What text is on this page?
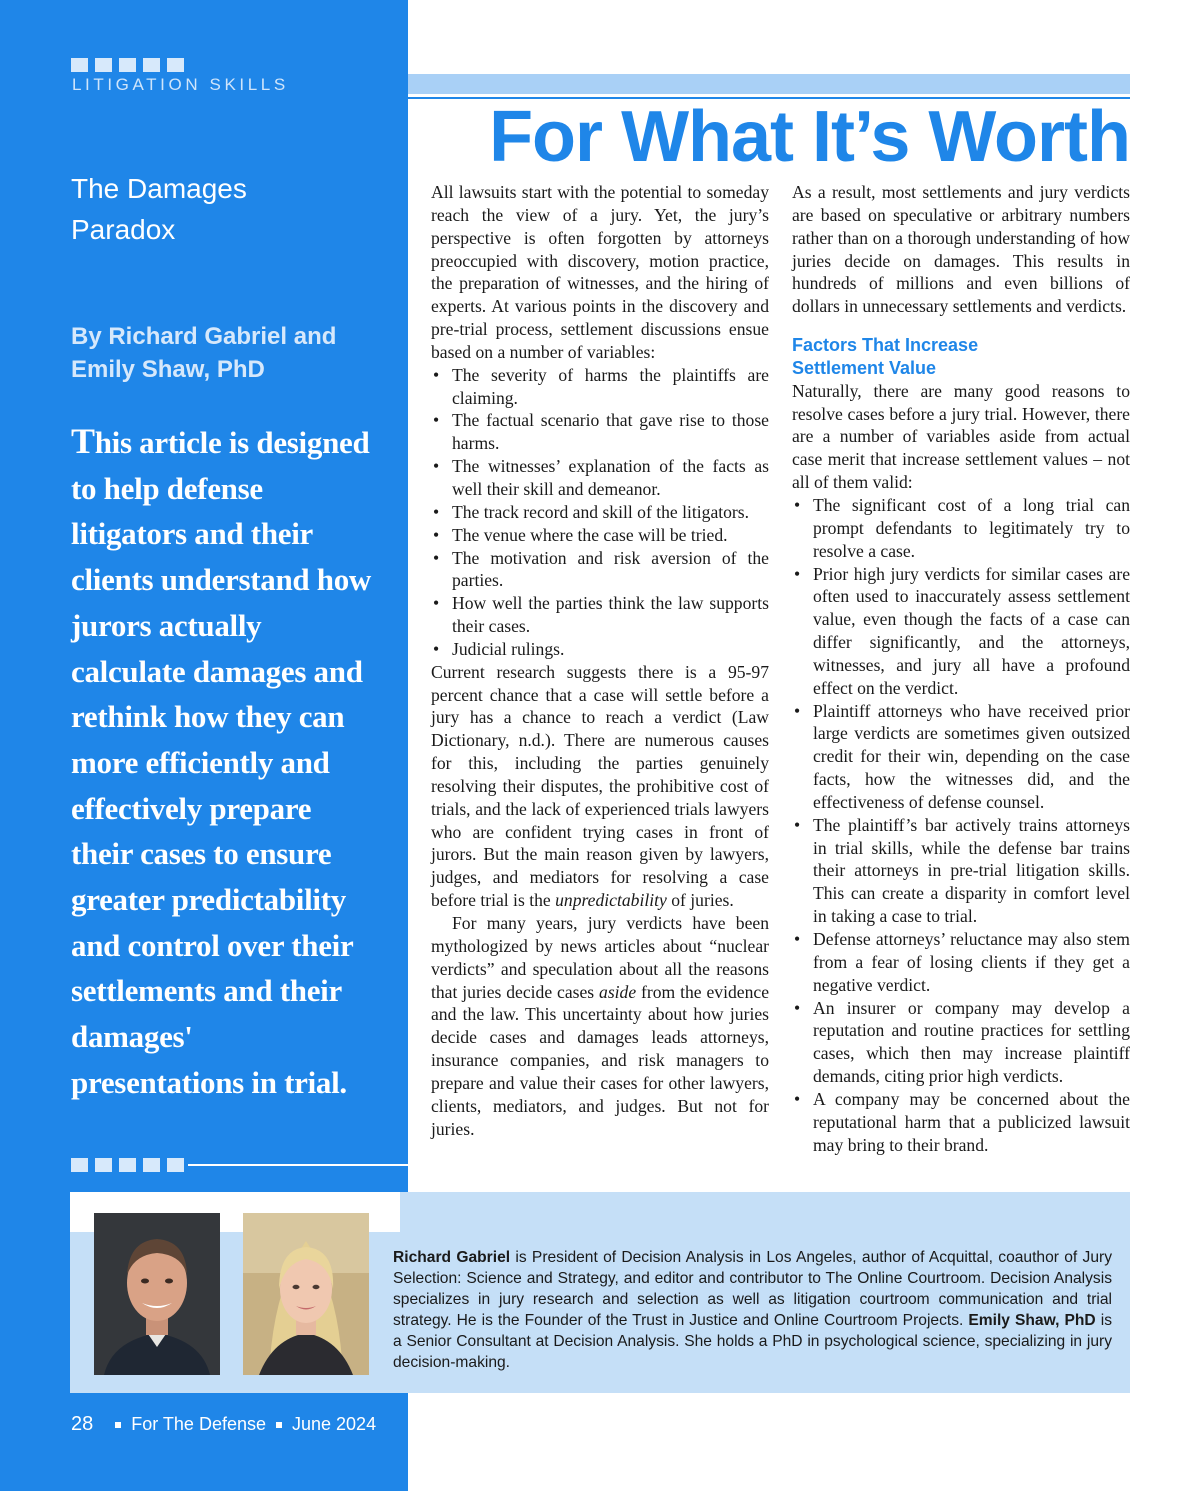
LITIGATION SKILLS
For What It’s Worth
The Damages
Paradox
By Richard Gabriel and
Emily Shaw, PhD
This article is designed to help defense litigators and their clients understand how jurors actually calculate damages and rethink how they can more efficiently and effectively prepare their cases to ensure greater predictability and control over their settlements and their damages' presentations in trial.

All lawsuits start with the potential to someday reach the view of a jury. Yet, the jury’s perspective is often forgotten by attorneys preoccupied with discovery, motion practice, the preparation of witnesses, and the hiring of experts. At various points in the discovery and pre-trial process, settlement discussions ensue based on a number of variables:

• The severity of harms the plaintiffs are claiming.
• The factual scenario that gave rise to those harms.
• The witnesses’ explanation of the facts as well their skill and demeanor.
• The track record and skill of the litigators.
• The venue where the case will be tried.
• The motivation and risk aversion of the parties.
• How well the parties think the law supports their cases.
• Judicial rulings.

Current research suggests there is a 95-97 percent chance that a case will settle before a jury has a chance to reach a verdict (Law Dictionary, n.d.). There are numerous causes for this, including the parties genuinely resolving their disputes, the prohibitive cost of trials, and the lack of experienced trials lawyers who are confident trying cases in front of jurors. But the main reason given by lawyers, judges, and mediators for resolving a case before trial is the unpredictability of juries.

For many years, jury verdicts have been mythologized by news articles about “nuclear verdicts” and speculation about all the reasons that juries decide cases aside from the evidence and the law. This uncertainty about how juries decide cases and damages leads attorneys, insurance companies, and risk managers to prepare and value their cases for other lawyers, clients, mediators, and judges. But not for juries.

As a result, most settlements and jury verdicts are based on speculative or arbitrary numbers rather than on a thorough understanding of how juries decide on damages. This results in hundreds of millions and even billions of dollars in unnecessary settlements and verdicts.

Factors That Increase
Settlement Value

Naturally, there are many good reasons to resolve cases before a jury trial. However, there are a number of variables aside from actual case merit that increase settlement values – not all of them valid:

• The significant cost of a long trial can prompt defendants to legitimately try to resolve a case.
• Prior high jury verdicts for similar cases are often used to inaccurately assess settlement value, even though the facts of a case can differ significantly, and the attorneys, witnesses, and jury all have a profound effect on the verdict.
• Plaintiff attorneys who have received prior large verdicts are sometimes given outsized credit for their win, depending on the case facts, how the witnesses did, and the effectiveness of defense counsel.
• The plaintiff’s bar actively trains attorneys in trial skills, while the defense bar trains their attorneys in pre-trial litigation skills. This can create a disparity in comfort level in taking a case to trial.
• Defense attorneys’ reluctance may also stem from a fear of losing clients if they get a negative verdict.
• An insurer or company may develop a reputation and routine practices for settling cases, which then may increase plaintiff demands, citing prior high verdicts.
• A company may be concerned about the reputational harm that a publicized lawsuit may bring to their brand.
Richard Gabriel is President of Decision Analysis in Los Angeles, author of Acquittal, coauthor of Jury Selection: Science and Strategy, and editor and contributor to The Online Courtroom. Decision Analysis specializes in jury research and selection as well as litigation courtroom communication and trial strategy. He is the Founder of the Trust in Justice and Online Courtroom Projects. Emily Shaw, PhD is a Senior Consultant at Decision Analysis. She holds a PhD in psychological science, specializing in jury decision-making.
28 For The Defense June 2024
